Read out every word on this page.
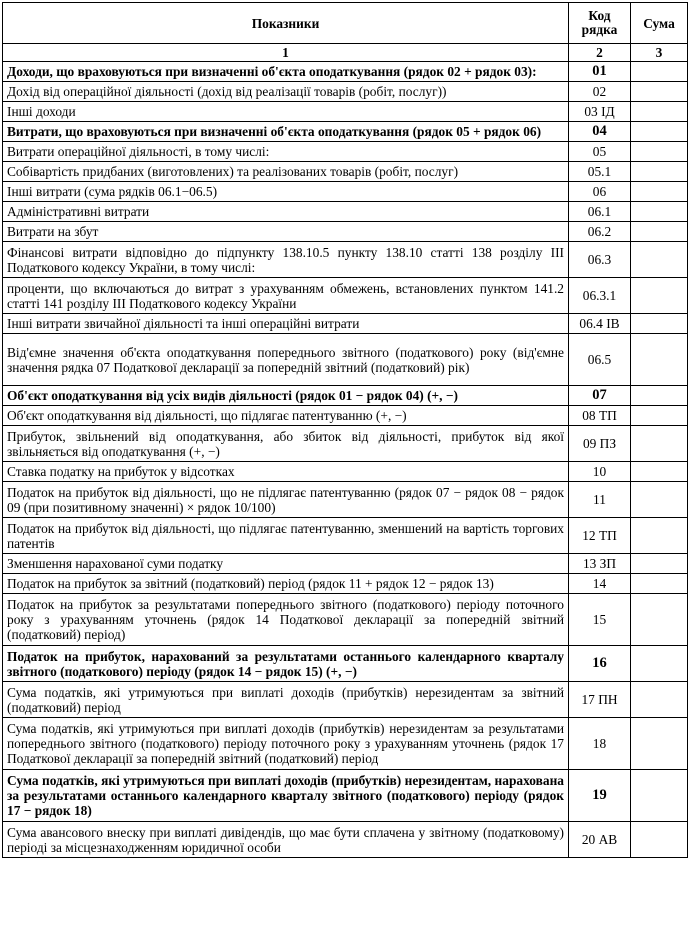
Показники	Код рядка	Сума
1	2	3
Доходи, що враховуються при визначенні об'єкта оподаткування (рядок 02 + рядок 03):	01	
Дохід від операційної діяльності (дохід від реалізації товарів (робіт, послуг))	02	
Інші доходи	03 ІД	
Витрати, що враховуються при визначенні об'єкта оподаткування (рядок 05 + рядок 06)	04	
Витрати операційної діяльності, в тому числі:	05	
Собівартість придбаних (виготовлених) та реалізованих товарів (робіт, послуг)	05.1	
Інші витрати (сума рядків 06.1−06.5)	06	
Адміністративні витрати	06.1	
Витрати на збут	06.2	
Фінансові витрати відповідно до підпункту 138.10.5 пункту 138.10 статті 138 розділу III Податкового кодексу України, в тому числі:	06.3	
проценти, що включаються до витрат з урахуванням обмежень, встановлених пунктом 141.2 статті 141 розділу III Податкового кодексу України	06.3.1	
Інші витрати звичайної діяльності та інші операційні витрати	06.4 ІВ	
Від'ємне значення об'єкта оподаткування попереднього звітного (податкового) року (від'ємне значення рядка 07 Податкової декларації за попередній звітний (податковий) рік)	06.5	
Об'єкт оподаткування від усіх видів діяльності (рядок 01 − рядок 04) (+, −)	07	
Об'єкт оподаткування від діяльності, що підлягає патентуванню (+, −)	08 ТП	
Прибуток, звільнений від оподаткування, або збиток від діяльності, прибуток від якої звільняється від оподаткування (+, −)	09 ПЗ	
Ставка податку на прибуток у відсотках	10	
Податок на прибуток від діяльності, що не підлягає патентуванню (рядок 07 − рядок 08 − рядок 09 (при позитивному значенні) × рядок 10/100)	11	
Податок на прибуток від діяльності, що підлягає патентуванню, зменшений на вартість торгових патентів	12 ТП	
Зменшення нарахованої суми податку	13 ЗП	
Податок на прибуток за звітний (податковий) період (рядок 11 + рядок 12 − рядок 13)	14	
Податок на прибуток за результатами попереднього звітного (податкового) періоду поточного року з урахуванням уточнень (рядок 14 Податкової декларації за попередній звітний (податковий) період)	15	
Податок на прибуток, нарахований за результатами останнього календарного кварталу звітного (податкового) періоду (рядок 14 − рядок 15) (+, −)	16	
Сума податків, які утримуються при виплаті доходів (прибутків) нерезидентам за звітний (податковий) період	17 ПН	
Сума податків, які утримуються при виплаті доходів (прибутків) нерезидентам за результатами попереднього звітного (податкового) періоду поточного року з урахуванням уточнень (рядок 17 Податкової декларації за попередній звітний (податковий) період	18	
Сума податків, які утримуються при виплаті доходів (прибутків) нерезидентам, нарахована за результатами останнього календарного кварталу звітного (податкового) періоду (рядок 17 − рядок 18)	19	
Сума авансового внеску при виплаті дивідендів, що має бути сплачена у звітному (податковому) періоді за місцезнаходженням юридичної особи	20 АВ	
